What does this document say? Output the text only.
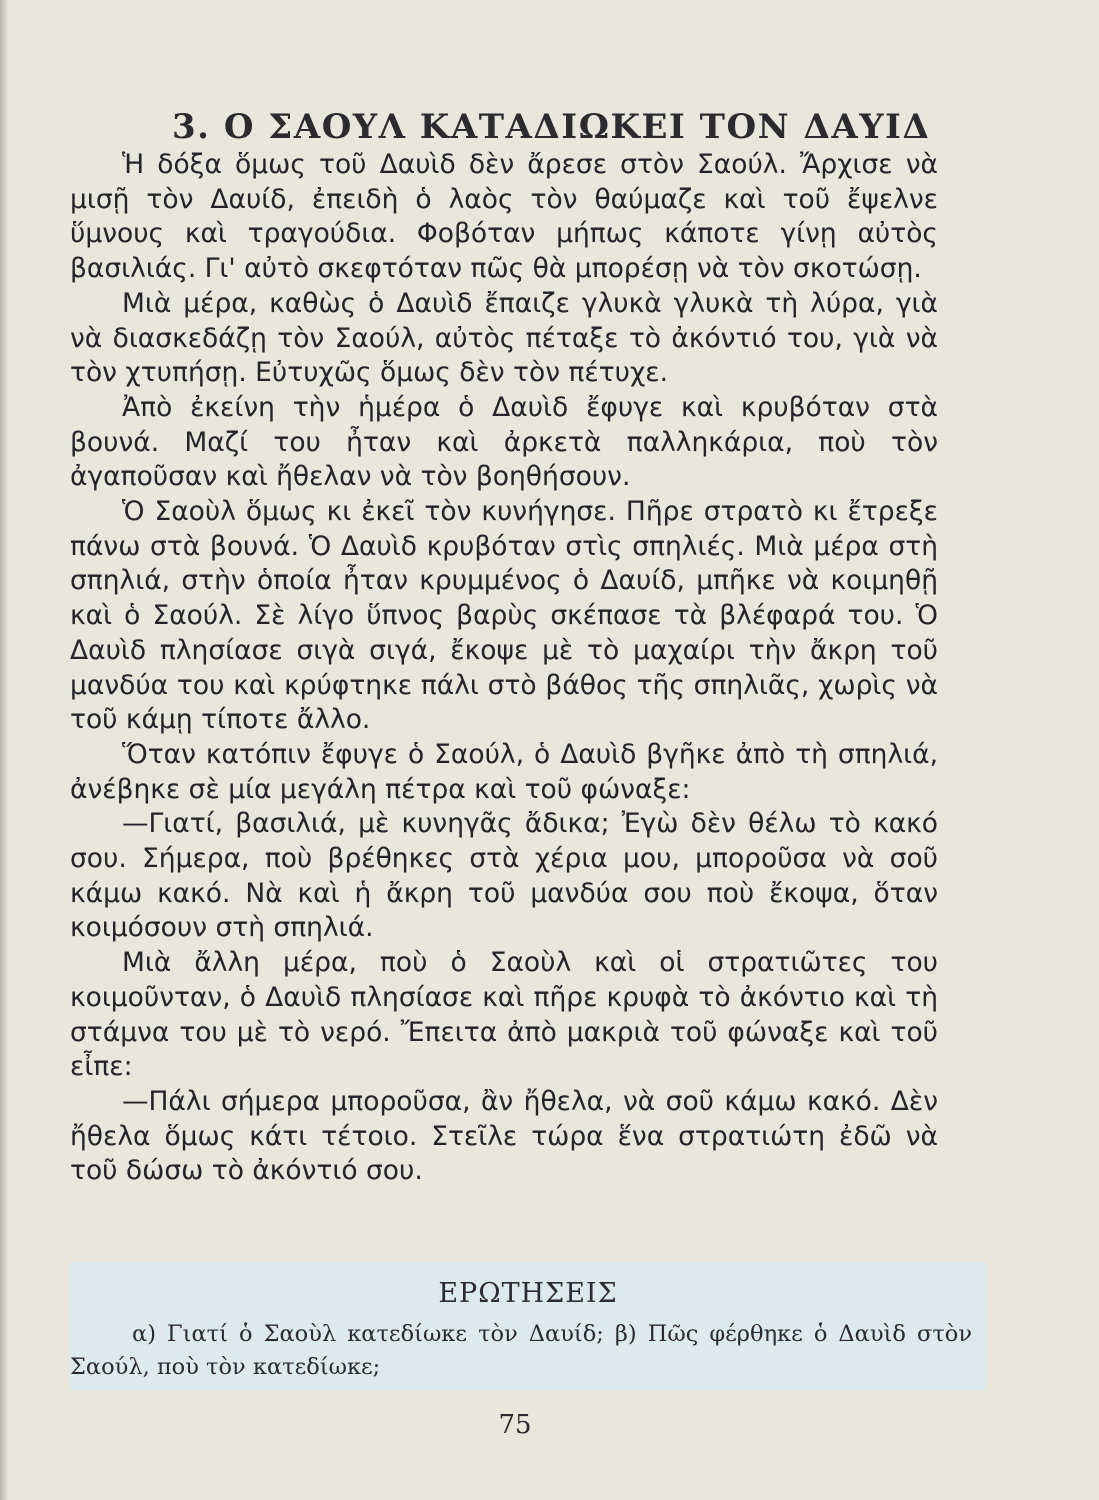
3. Ο ΣΑΟΥΛ ΚΑΤΑΔΙΩΚΕΙ ΤΟΝ ΔΑΥΙΔ

Ἡ δόξα ὅμως τοῦ Δαυὶδ δὲν ἄρεσε στὸν Σαούλ. Ἄρχισε νὰ μισῇ τὸν Δαυίδ, ἐπειδὴ ὁ λαὸς τὸν θαύμαζε καὶ τοῦ ἔψελνε ὕμνους καὶ τραγούδια. Φοβόταν μήπως κάποτε γίνῃ αὐτὸς βασιλιάς. Γι' αὐτὸ σκεφτόταν πῶς θὰ μπορέσῃ νὰ τὸν σκοτώσῃ.

Μιὰ μέρα, καθὼς ὁ Δαυὶδ ἔπαιζε γλυκὰ γλυκὰ τὴ λύρα, γιὰ νὰ διασκεδάζῃ τὸν Σαούλ, αὐτὸς πέταξε τὸ ἀκόντιό του, γιὰ νὰ τὸν χτυπήσῃ. Εὐτυχῶς ὅμως δὲν τὸν πέτυχε.

Ἀπὸ ἐκείνη τὴν ἡμέρα ὁ Δαυὶδ ἔφυγε καὶ κρυβόταν στὰ βουνά. Μαζί του ἦταν καὶ ἀρκετὰ παλληκάρια, ποὺ τὸν ἀγαποῦσαν καὶ ἤθελαν νὰ τὸν βοηθήσουν.

Ὁ Σαοὺλ ὅμως κι ἐκεῖ τὸν κυνήγησε. Πῆρε στρατὸ κι ἔτρεξε πάνω στὰ βουνά. Ὁ Δαυὶδ κρυβόταν στὶς σπηλιές. Μιὰ μέρα στὴ σπηλιά, στὴν ὁποία ἦταν κρυμμένος ὁ Δαυίδ, μπῆκε νὰ κοιμηθῇ καὶ ὁ Σαούλ. Σὲ λίγο ὕπνος βαρὺς σκέπασε τὰ βλέφαρά του. Ὁ Δαυὶδ πλησίασε σιγὰ σιγά, ἔκοψε μὲ τὸ μαχαίρι τὴν ἄκρη τοῦ μανδύα του καὶ κρύφτηκε πάλι στὸ βάθος τῆς σπηλιᾶς, χωρὶς νὰ τοῦ κάμῃ τίποτε ἄλλο.

Ὅταν κατόπιν ἔφυγε ὁ Σαούλ, ὁ Δαυὶδ βγῆκε ἀπὸ τὴ σπηλιά, ἀνέβηκε σὲ μία μεγάλη πέτρα καὶ τοῦ φώναξε:

—Γιατί, βασιλιά, μὲ κυνηγᾶς ἄδικα; Ἐγὼ δὲν θέλω τὸ κακό σου. Σήμερα, ποὺ βρέθηκες στὰ χέρια μου, μποροῦσα νὰ σοῦ κάμω κακό. Νὰ καὶ ἡ ἄκρη τοῦ μανδύα σου ποὺ ἔκοψα, ὅταν κοιμόσουν στὴ σπηλιά.

Μιὰ ἄλλη μέρα, ποὺ ὁ Σαοὺλ καὶ οἱ στρατιῶτες του κοιμοῦνταν, ὁ Δαυὶδ πλησίασε καὶ πῆρε κρυφὰ τὸ ἀκόντιο καὶ τὴ στάμνα του μὲ τὸ νερό. Ἔπειτα ἀπὸ μακριὰ τοῦ φώναξε καὶ τοῦ εἶπε:

—Πάλι σήμερα μποροῦσα, ἂν ἤθελα, νὰ σοῦ κάμω κακό. Δὲν ἤθελα ὅμως κάτι τέτοιο. Στεῖλε τώρα ἕνα στρατιώτη ἐδῶ νὰ τοῦ δώσω τὸ ἀκόντιό σου.

ΕΡΩΤΗΣΕΙΣ
α) Γιατί ὁ Σαοὺλ κατεδίωκε τὸν Δαυίδ; β) Πῶς φέρθηκε ὁ Δαυὶδ στὸν Σαούλ, ποὺ τὸν κατεδίωκε;
75
